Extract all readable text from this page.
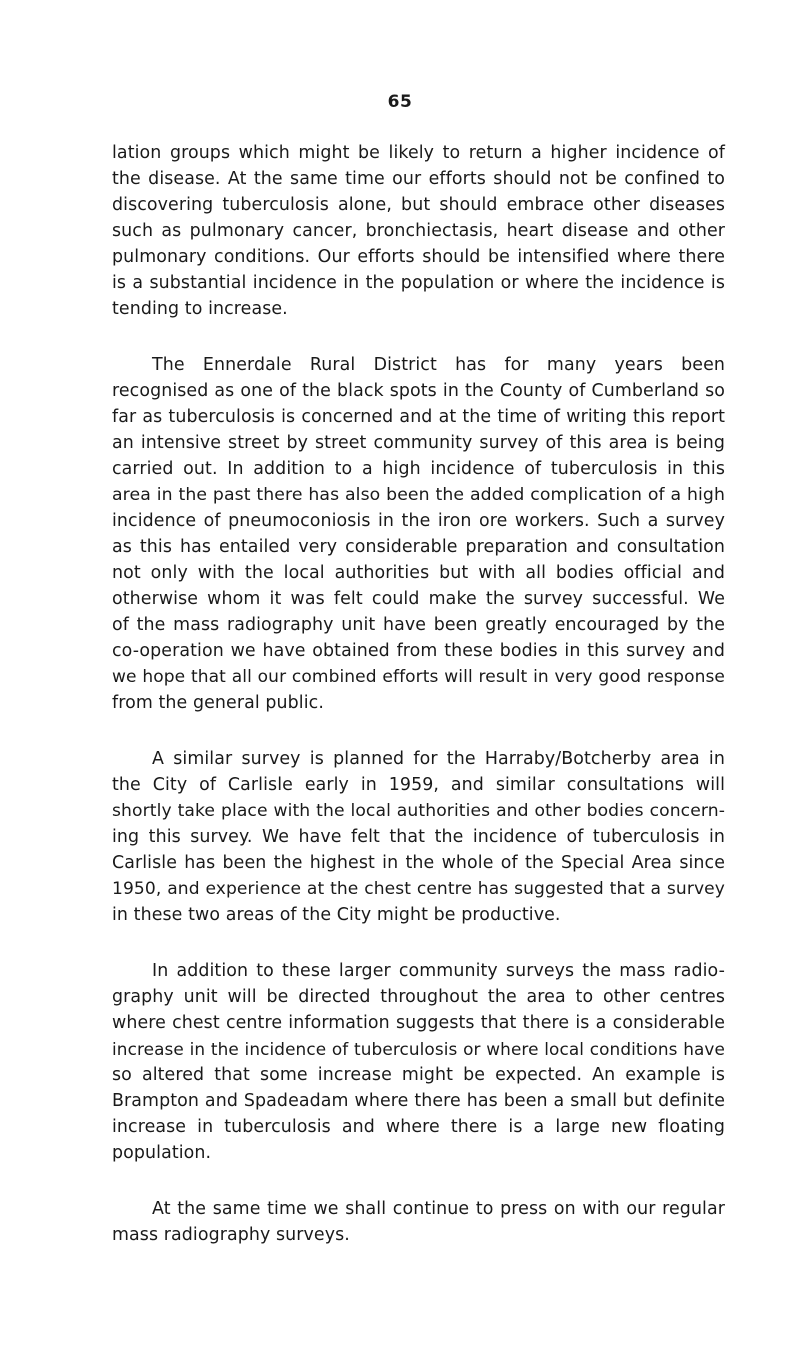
65
lation groups which might be likely to return a higher incidence of
the disease. At the same time our efforts should not be confined to
discovering tuberculosis alone, but should embrace other diseases
such as pulmonary cancer, bronchiectasis, heart disease and other
pulmonary conditions. Our efforts should be intensified where there
is a substantial incidence in the population or where the incidence is
tending to increase.
The Ennerdale Rural District has for many years been
recognised as one of the black spots in the County of Cumberland so
far as tuberculosis is concerned and at the time of writing this report
an intensive street by street community survey of this area is being
carried out. In addition to a high incidence of tuberculosis in this
area in the past there has also been the added complication of a high
incidence of pneumoconiosis in the iron ore workers. Such a survey
as this has entailed very considerable preparation and consultation
not only with the local authorities but with all bodies official and
otherwise whom it was felt could make the survey successful. We
of the mass radiography unit have been greatly encouraged by the
co-operation we have obtained from these bodies in this survey and
we hope that all our combined efforts will result in very good response
from the general public.
A similar survey is planned for the Harraby/Botcherby area in
the City of Carlisle early in 1959, and similar consultations will
shortly take place with the local authorities and other bodies concern-
ing this survey. We have felt that the incidence of tuberculosis in
Carlisle has been the highest in the whole of the Special Area since
1950, and experience at the chest centre has suggested that a survey
in these two areas of the City might be productive.
In addition to these larger community surveys the mass radio-
graphy unit will be directed throughout the area to other centres
where chest centre information suggests that there is a considerable
increase in the incidence of tuberculosis or where local conditions have
so altered that some increase might be expected. An example is
Brampton and Spadeadam where there has been a small but definite
increase in tuberculosis and where there is a large new floating
population.
At the same time we shall continue to press on with our regular
mass radiography surveys.
